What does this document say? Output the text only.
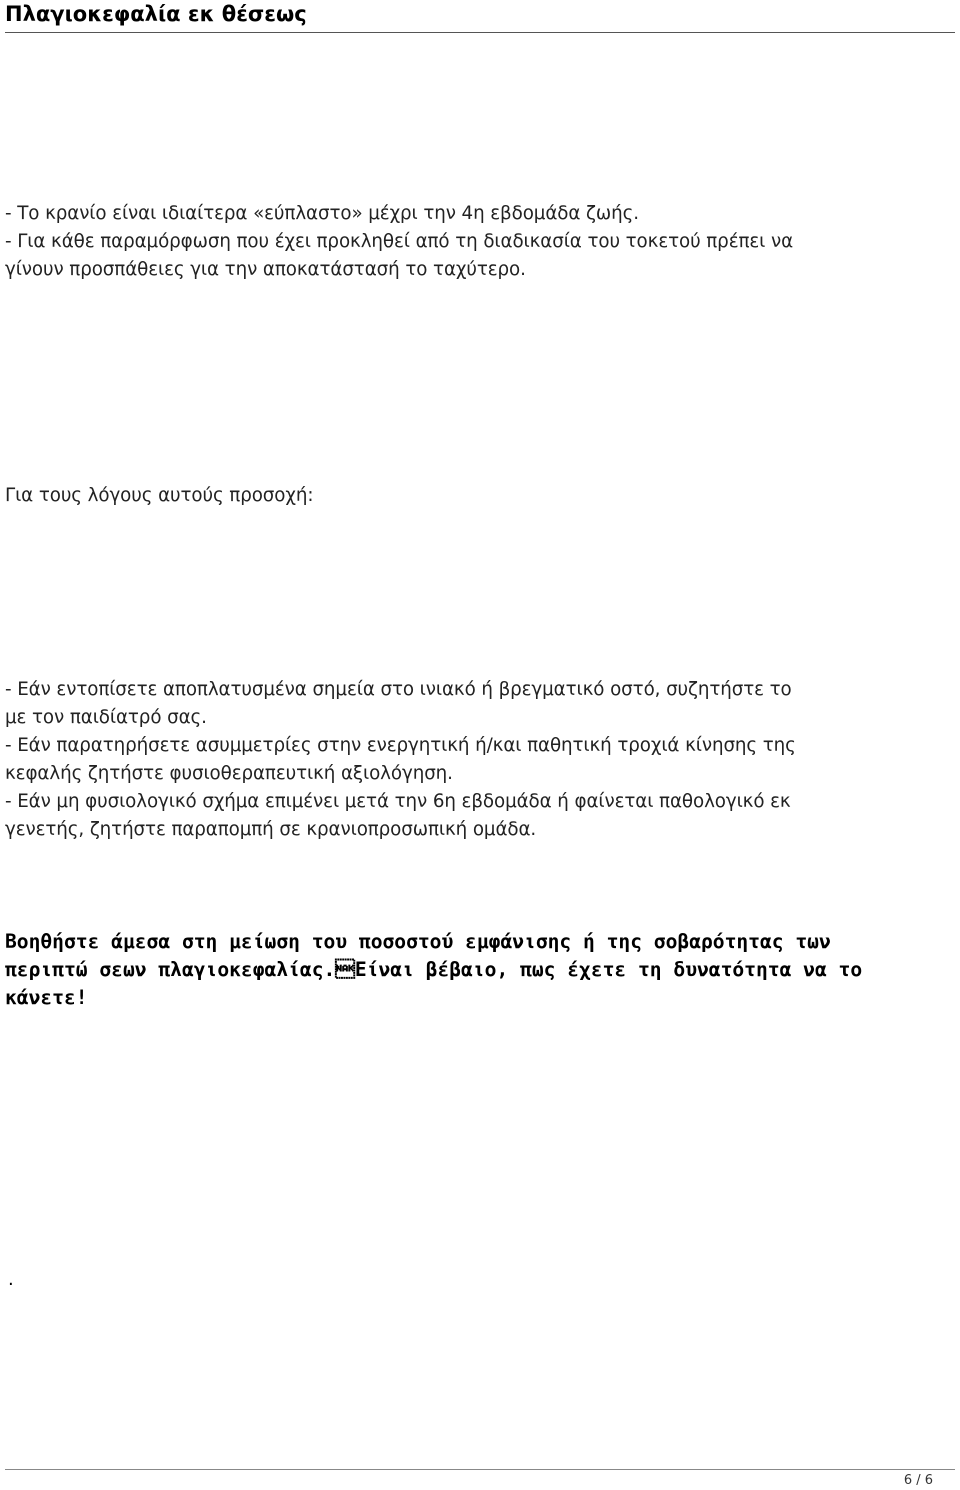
Πλαγιοκεφαλία εκ θέσεως
- Το κρανίο είναι ιδιαίτερα «εύπλαστο» μέχρι την 4η εβδομάδα ζωής.
- Για κάθε παραμόρφωση που έχει προκληθεί από τη διαδικασία του τοκετού πρέπει να
γίνουν προσπάθειες για την αποκατάστασή το ταχύτερο.
Για τους λόγους αυτούς προσοχή:
- Εάν εντοπίσετε αποπλατυσμένα σημεία στο ινιακό ή βρεγματικό οστό, συζητήστε το
με τον παιδίατρό σας.
- Εάν παρατηρήσετε ασυμμετρίες στην ενεργητική ή/και παθητική τροχιά κίνησης της
κεφαλής ζητήστε φυσιοθεραπευτική αξιολόγηση.
- Εάν μη φυσιολογικό σχήμα επιμένει μετά την 6η εβδομάδα ή φαίνεται παθολογικό εκ
γενετής, ζητήστε παραπομπή σε κρανιοπροσωπική ομάδα.
Βοηθήστε άμεσα στη μείωση του ποσοστού εμφάνισης ή της σοβαρότητας των
περιπτώ σεων πλαγιοκεφαλίας.Είναι βέβαιο, πως έχετε τη δυνατότητα να το
κάνετε!
.
6 / 6
